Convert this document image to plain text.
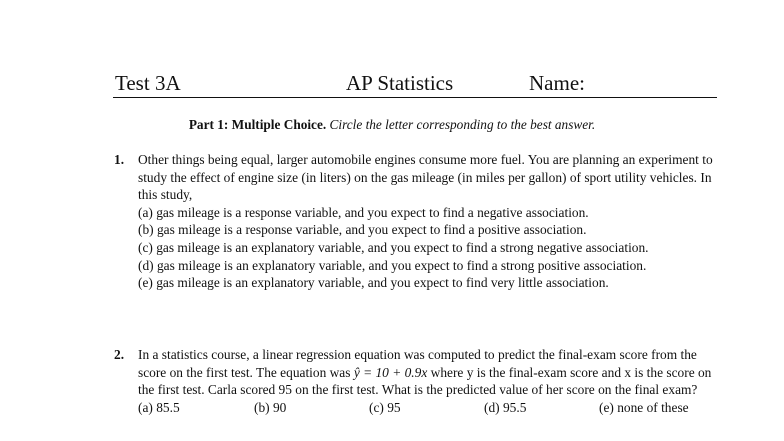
Test 3A	AP Statistics	Name:
Part 1: Multiple Choice. Circle the letter corresponding to the best answer.
1. Other things being equal, larger automobile engines consume more fuel. You are planning an experiment to study the effect of engine size (in liters) on the gas mileage (in miles per gallon) of sport utility vehicles. In this study,
(a) gas mileage is a response variable, and you expect to find a negative association.
(b) gas mileage is a response variable, and you expect to find a positive association.
(c) gas mileage is an explanatory variable, and you expect to find a strong negative association.
(d) gas mileage is an explanatory variable, and you expect to find a strong positive association.
(e) gas mileage is an explanatory variable, and you expect to find very little association.
2. In a statistics course, a linear regression equation was computed to predict the final-exam score from the score on the first test. The equation was ŷ = 10 + 0.9x where y is the final-exam score and x is the score on the first test. Carla scored 95 on the first test. What is the predicted value of her score on the final exam?
(a) 85.5	(b) 90	(c) 95	(d) 95.5	(e) none of these
